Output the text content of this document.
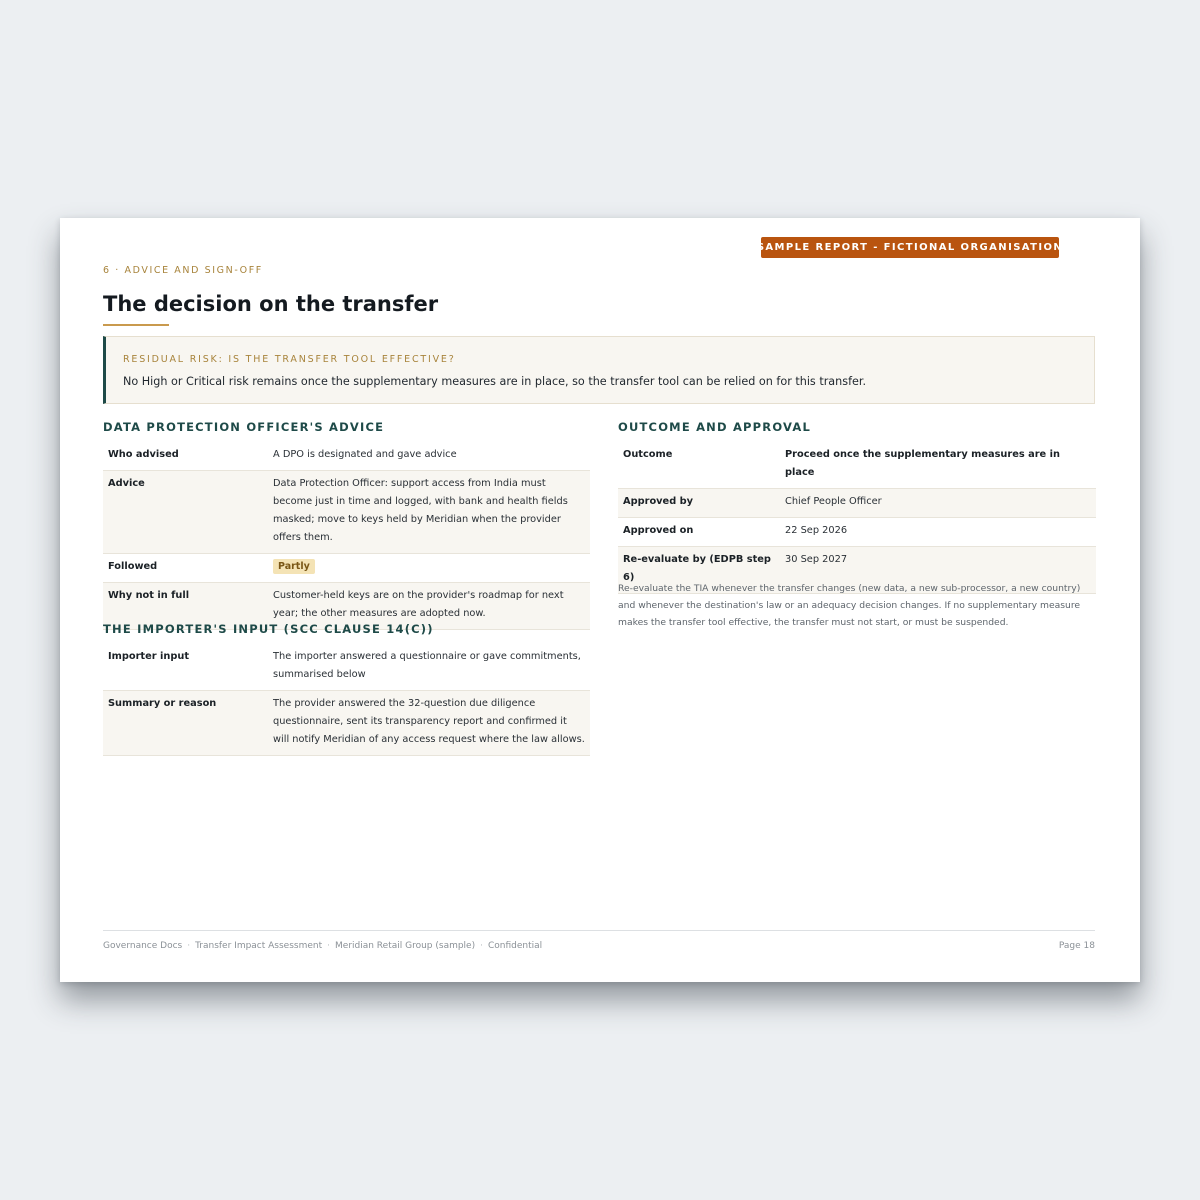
SAMPLE REPORT - FICTIONAL ORGANISATION
6 · ADVICE AND SIGN-OFF
The decision on the transfer
RESIDUAL RISK: IS THE TRANSFER TOOL EFFECTIVE?
No High or Critical risk remains once the supplementary measures are in place, so the transfer tool can be relied on for this transfer.
DATA PROTECTION OFFICER'S ADVICE
Who advised	A DPO is designated and gave advice
Advice	Data Protection Officer: support access from India must become just in time and logged, with bank and health fields masked; move to keys held by Meridian when the provider offers them.
Followed	Partly
Why not in full	Customer-held keys are on the provider's roadmap for next year; the other measures are adopted now.
THE IMPORTER'S INPUT (SCC CLAUSE 14(C))
Importer input	The importer answered a questionnaire or gave commitments, summarised below
Summary or reason	The provider answered the 32-question due diligence questionnaire, sent its transparency report and confirmed it will notify Meridian of any access request where the law allows.
OUTCOME AND APPROVAL
Outcome	Proceed once the supplementary measures are in place
Approved by	Chief People Officer
Approved on	22 Sep 2026
Re-evaluate by (EDPB step 6)	30 Sep 2027
Re-evaluate the TIA whenever the transfer changes (new data, a new sub-processor, a new country) and whenever the destination's law or an adequacy decision changes. If no supplementary measure makes the transfer tool effective, the transfer must not start, or must be suspended.
Governance Docs · Transfer Impact Assessment · Meridian Retail Group (sample) · Confidential	Page 18
